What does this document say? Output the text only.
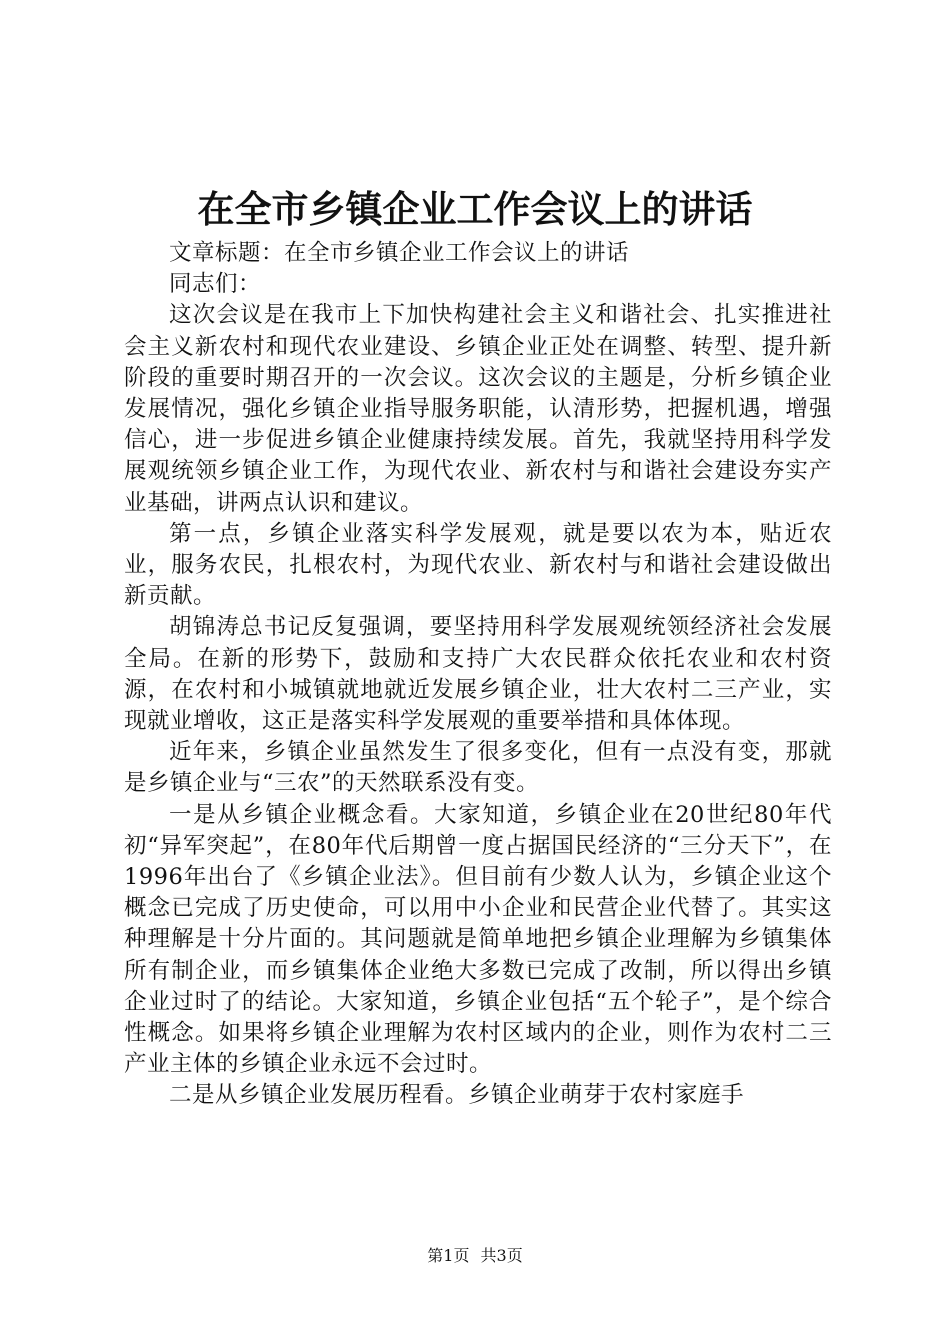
在全市乡镇企业工作会议上的讲话

文章标题：在全市乡镇企业工作会议上的讲话

同志们：

这次会议是在我市上下加快构建社会主义和谐社会、扎实推进社会主义新农村和现代农业建设、乡镇企业正处在调整、转型、提升新阶段的重要时期召开的一次会议。这次会议的主题是，分析乡镇企业发展情况，强化乡镇企业指导服务职能，认清形势，把握机遇，增强信心，进一步促进乡镇企业健康持续发展。首先，我就坚持用科学发展观统领乡镇企业工作，为现代农业、新农村与和谐社会建设夯实产业基础，讲两点认识和建议。

第一点，乡镇企业落实科学发展观，就是要以农为本，贴近农业，服务农民，扎根农村，为现代农业、新农村与和谐社会建设做出新贡献。

胡锦涛总书记反复强调，要坚持用科学发展观统领经济社会发展全局。在新的形势下，鼓励和支持广大农民群众依托农业和农村资源，在农村和小城镇就地就近发展乡镇企业，壮大农村二三产业，实现就业增收，这正是落实科学发展观的重要举措和具体体现。

近年来，乡镇企业虽然发生了很多变化，但有一点没有变，那就是乡镇企业与“三农”的天然联系没有变。

一是从乡镇企业概念看。大家知道，乡镇企业在20世纪80年代初“异军突起”，在80年代后期曾一度占据国民经济的“三分天下”，在1996年出台了《乡镇企业法》。但目前有少数人认为，乡镇企业这个概念已完成了历史使命，可以用中小企业和民营企业代替了。其实这种理解是十分片面的。其问题就是简单地把乡镇企业理解为乡镇集体所有制企业，而乡镇集体企业绝大多数已完成了改制，所以得出乡镇企业过时了的结论。大家知道，乡镇企业包括“五个轮子”，是个综合性概念。如果将乡镇企业理解为农村区域内的企业，则作为农村二三产业主体的乡镇企业永远不会过时。

二是从乡镇企业发展历程看。乡镇企业萌芽于农村家庭手

第1页 共3页
